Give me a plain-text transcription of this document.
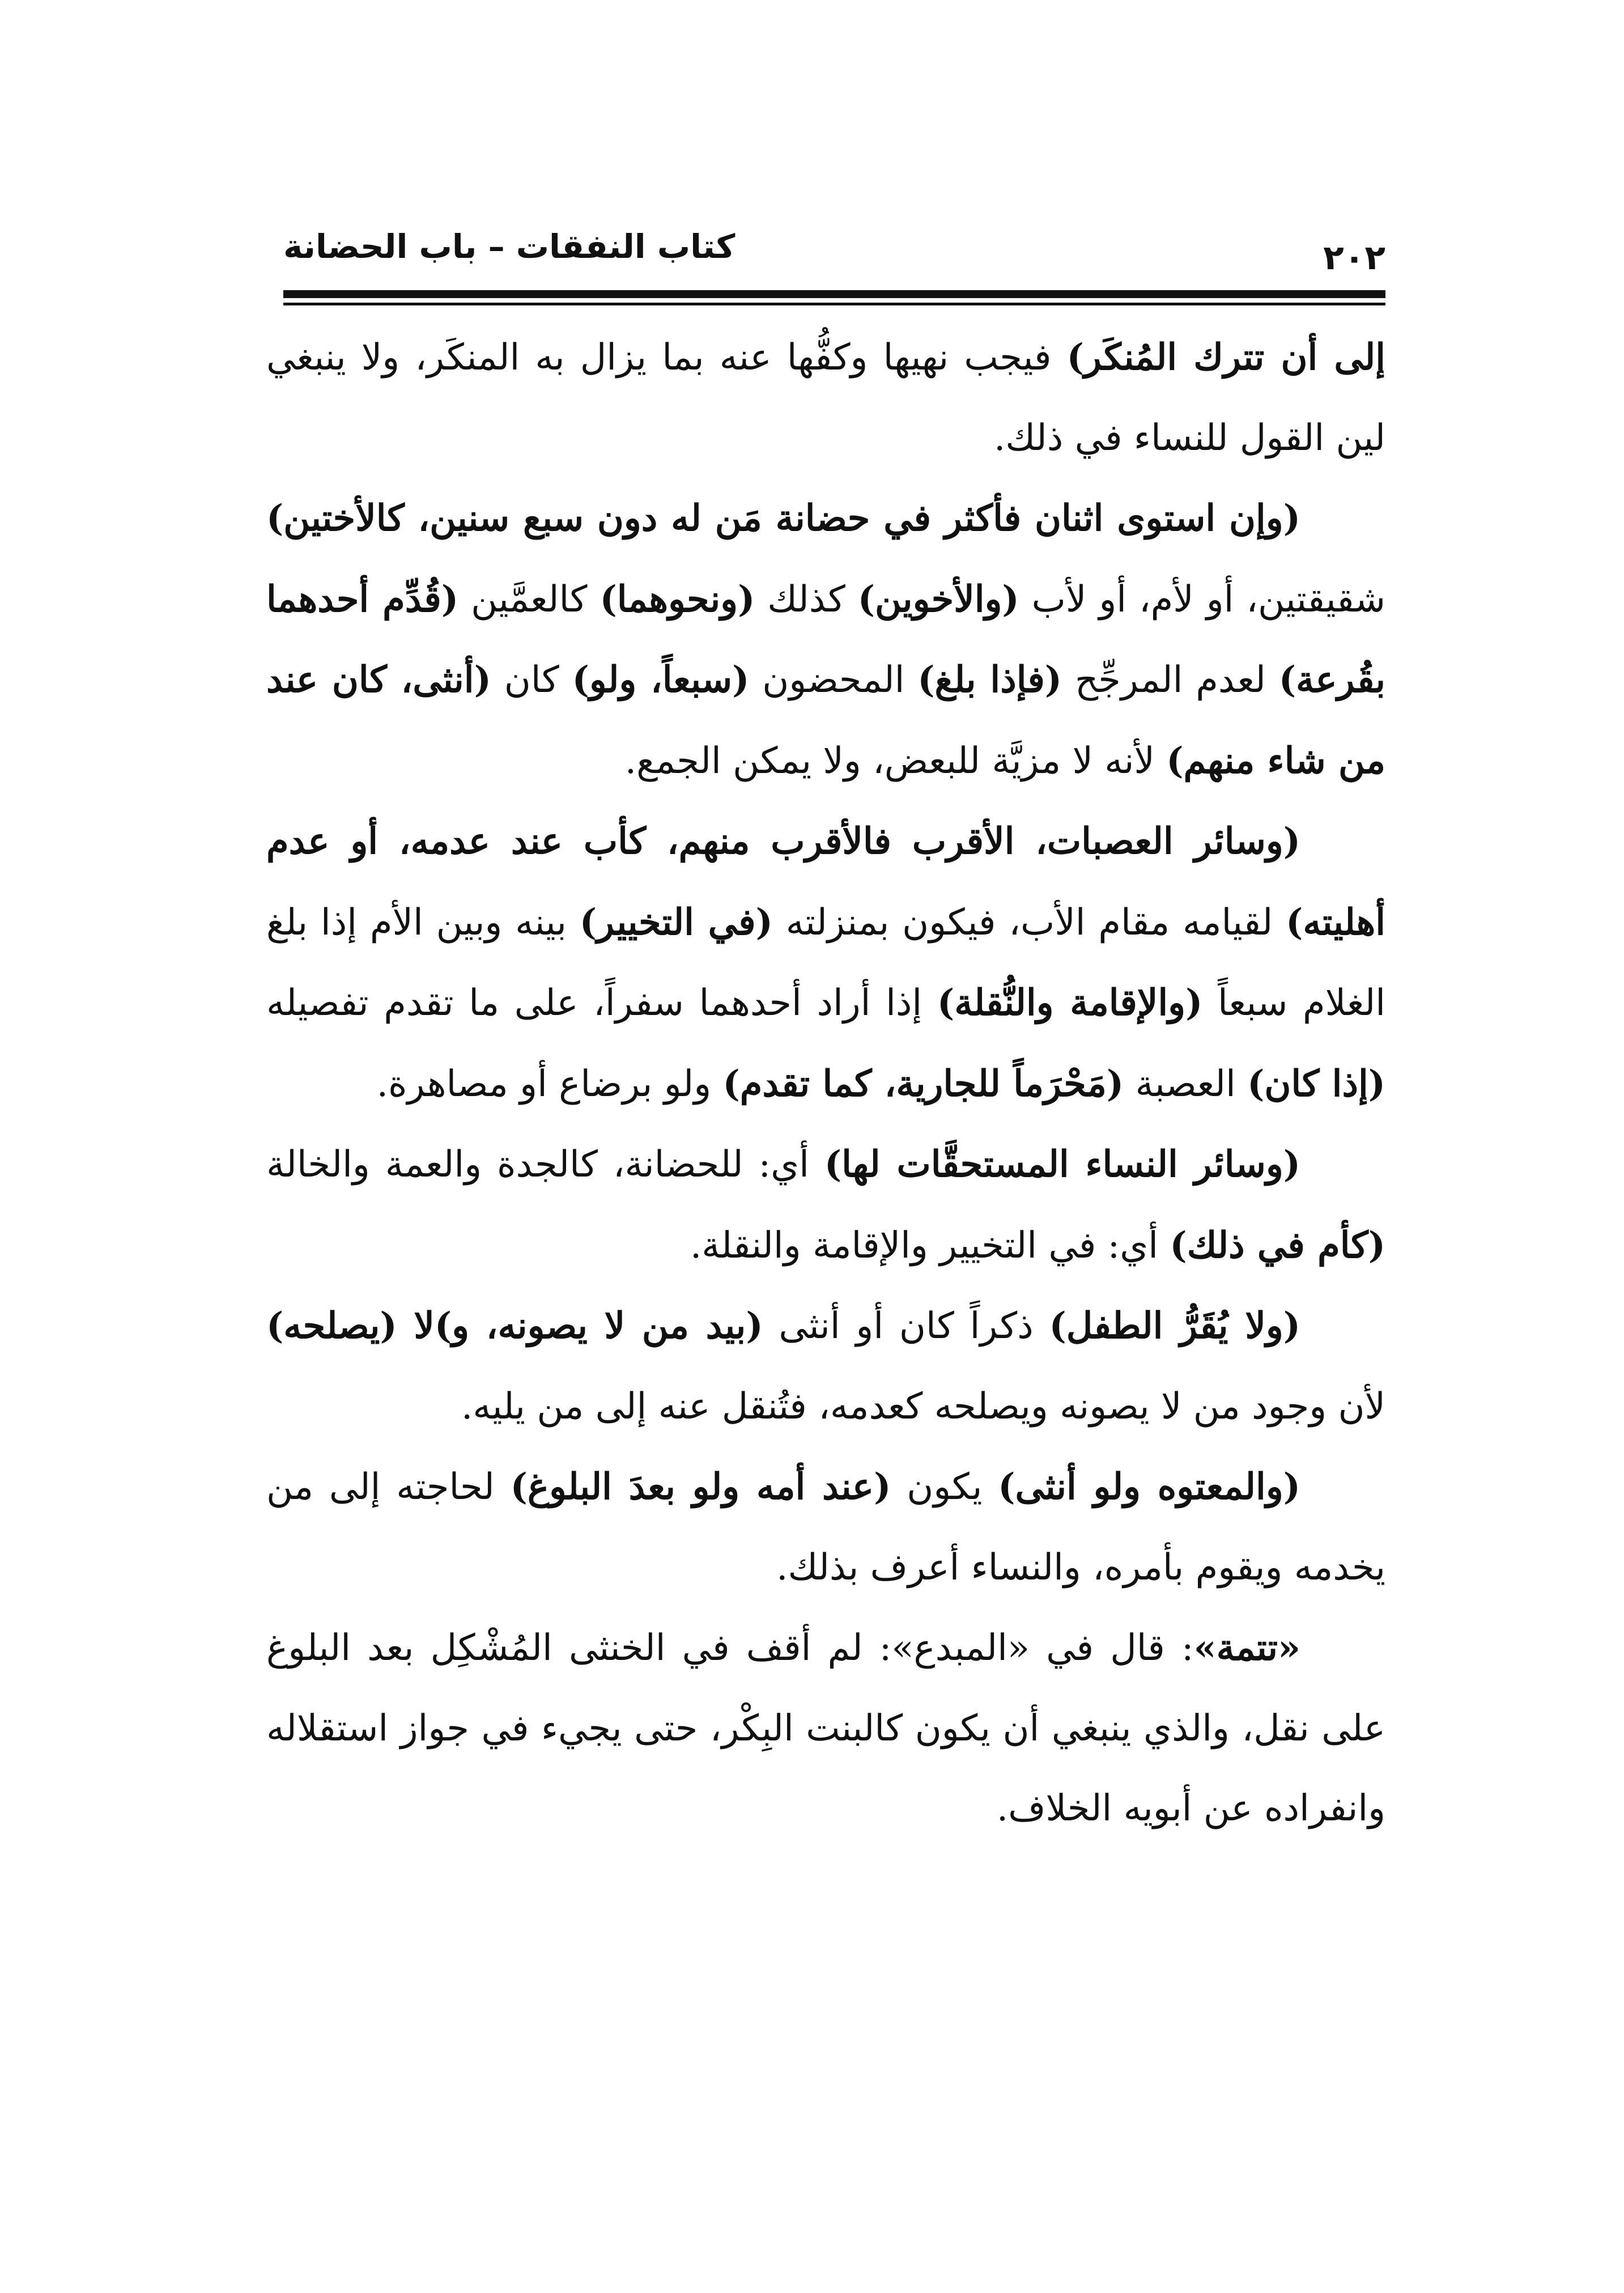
كتاب النفقات – باب الحضانة	٢٠٢

إلى أن تترك المُنكَر) فيجب نهيها وكفُّها عنه بما يزال به المنكَر، ولا ينبغي لين القول للنساء في ذلك.

(وإن استوى اثنان فأكثر في حضانة مَن له دون سبع سنين، كالأختين) شقيقتين، أو لأم، أو لأب (والأخوين) كذلك (ونحوهما) كالعمَّين (قُدِّم أحدهما بقُرعة) لعدم المرجِّح (فإذا بلغ) المحضون (سبعاً، ولو) كان (أنثى، كان عند من شاء منهم) لأنه لا مزيَّة للبعض، ولا يمكن الجمع.

(وسائر العصبات، الأقرب فالأقرب منهم، كأب عند عدمه، أو عدم أهليته) لقيامه مقام الأب، فيكون بمنزلته (في التخيير) بينه وبين الأم إذا بلغ الغلام سبعاً (والإقامة والنُّقلة) إذا أراد أحدهما سفراً، على ما تقدم تفصيله (إذا كان) العصبة (مَحْرَماً للجارية، كما تقدم) ولو برضاع أو مصاهرة.

(وسائر النساء المستحقَّات لها) أي: للحضانة، كالجدة والعمة والخالة (كأم في ذلك) أي: في التخيير والإقامة والنقلة.

(ولا يُقَرُّ الطفل) ذكراً كان أو أنثى (بيد من لا يصونه، و)لا (يصلحه) لأن وجود من لا يصونه ويصلحه كعدمه، فتُنقل عنه إلى من يليه.

(والمعتوه ولو أنثى) يكون (عند أمه ولو بعدَ البلوغ) لحاجته إلى من يخدمه ويقوم بأمره، والنساء أعرف بذلك.

«تتمة»: قال في «المبدع»: لم أقف في الخنثى المُشْكِل بعد البلوغ على نقل، والذي ينبغي أن يكون كالبنت البِكْر، حتى يجيء في جواز استقلاله وانفراده عن أبويه الخلاف.
